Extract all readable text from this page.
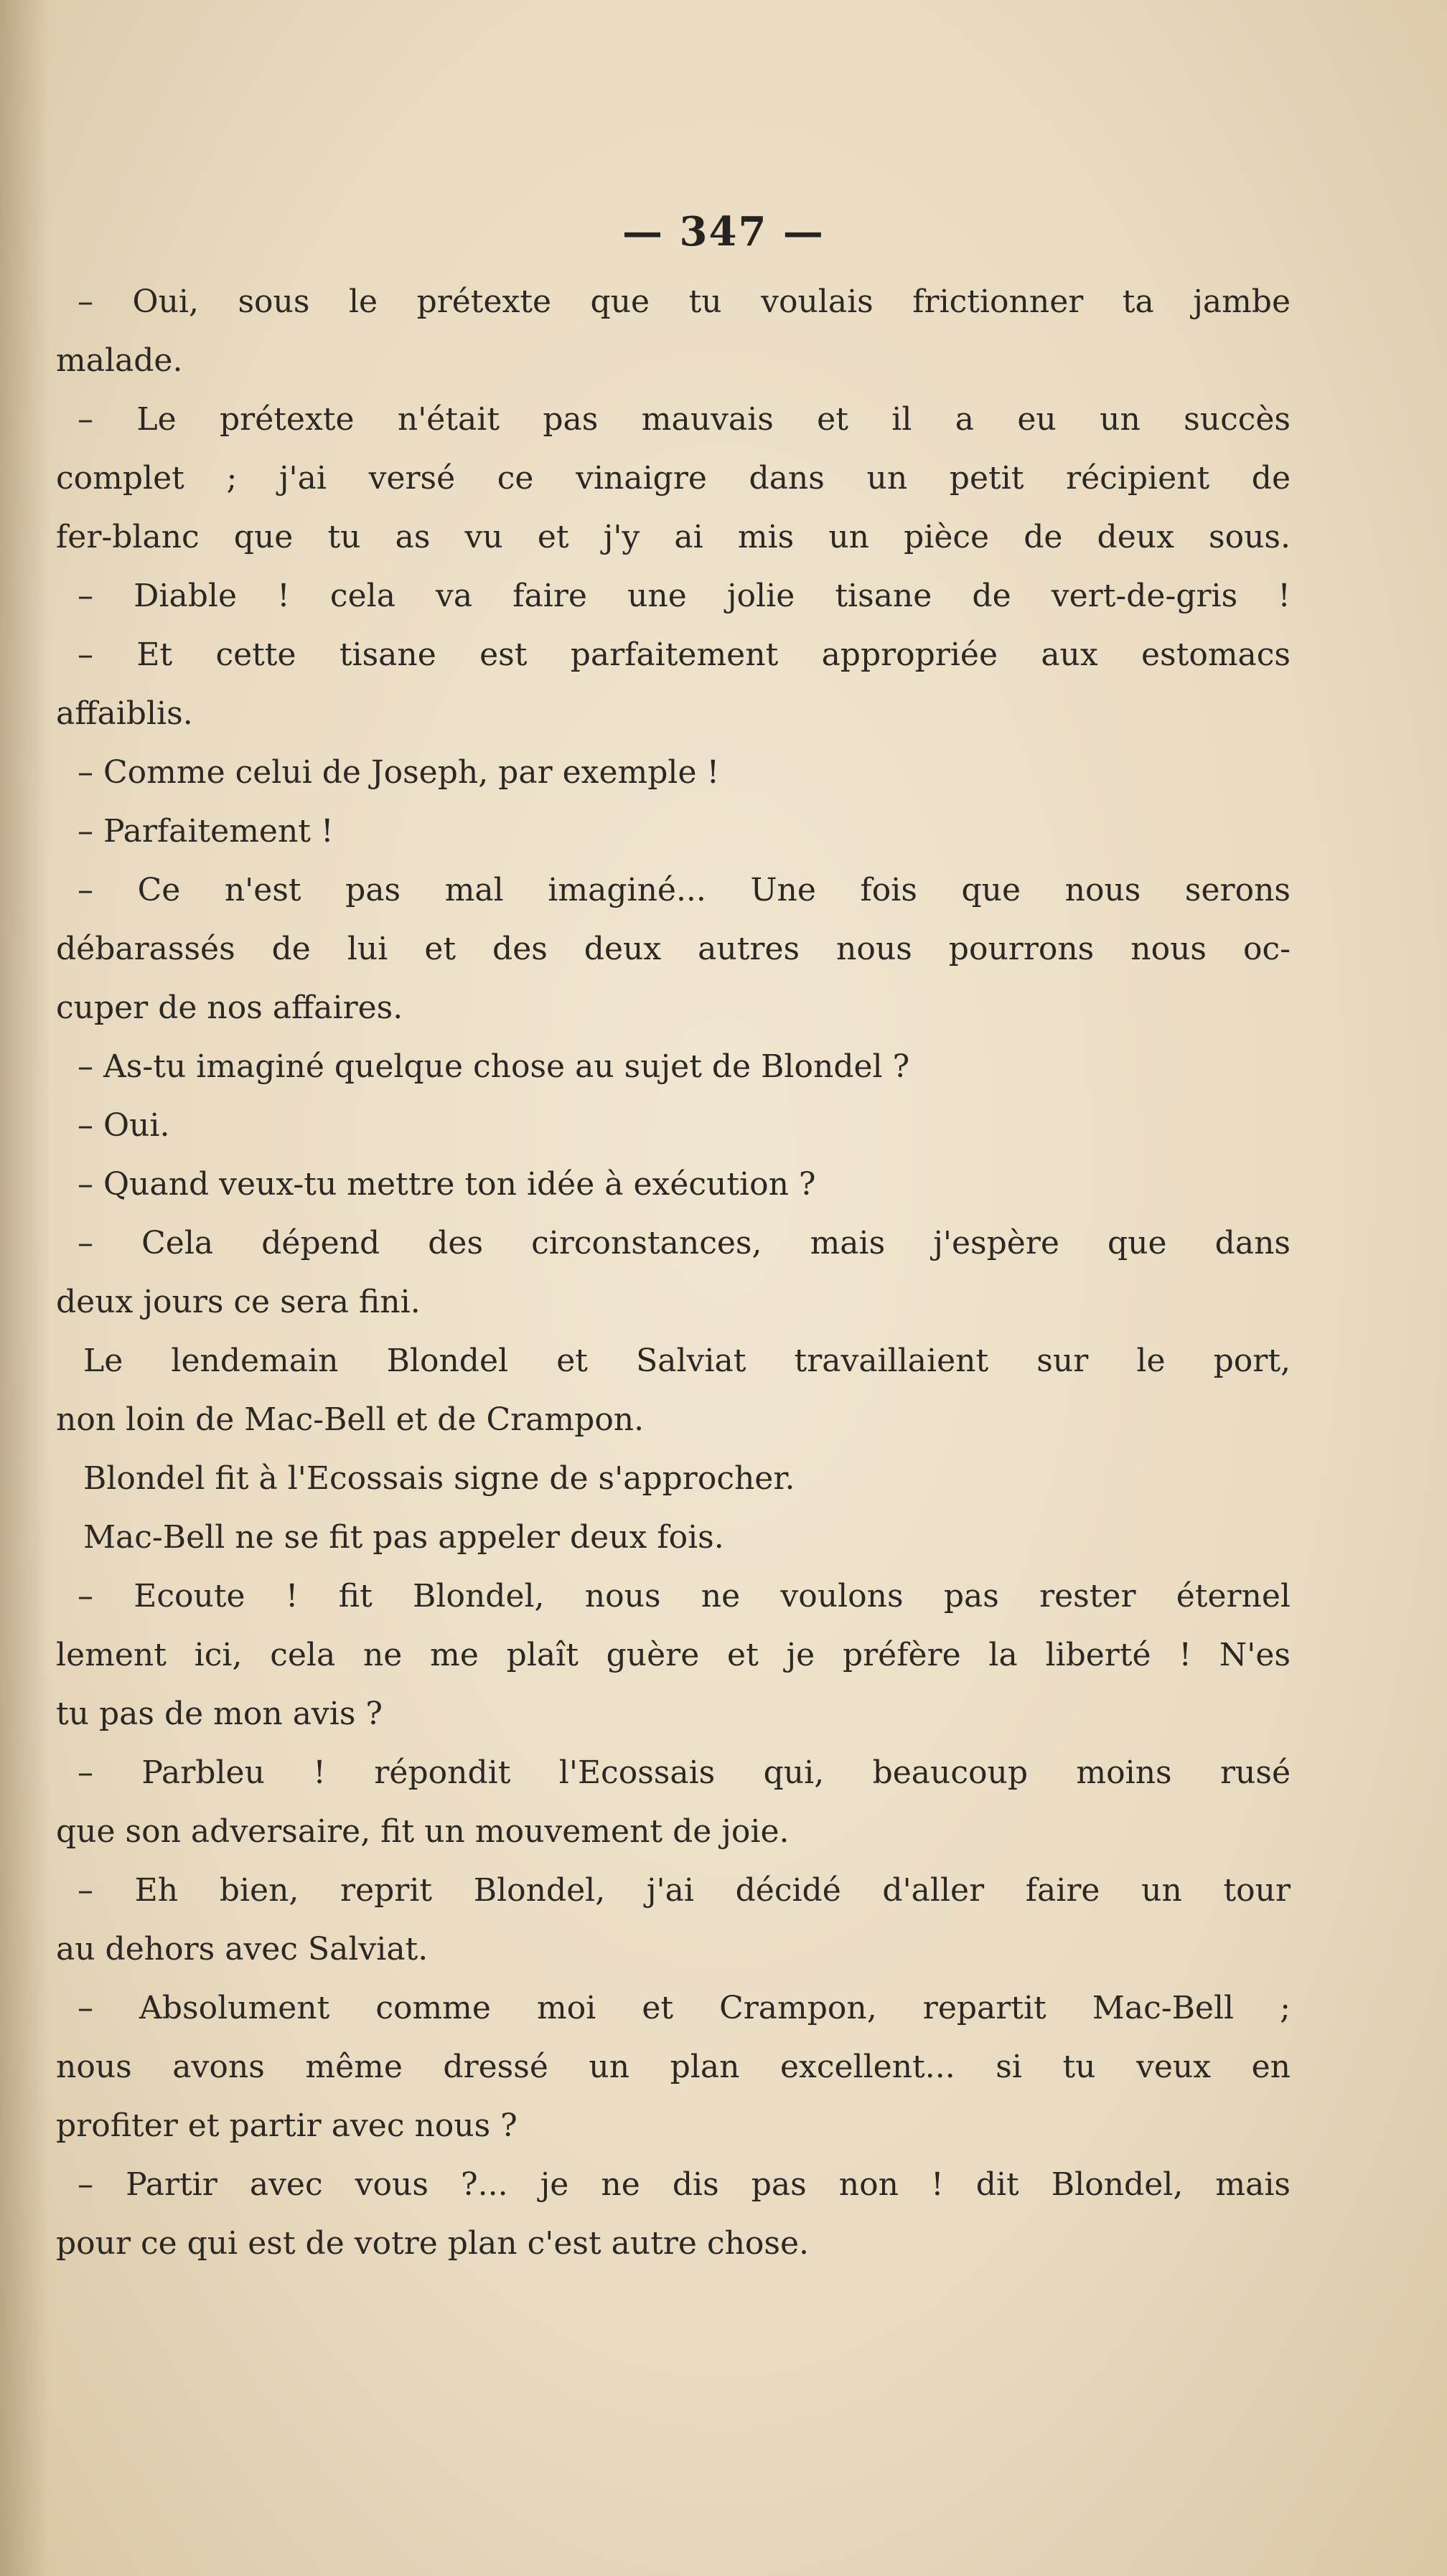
— 347 —
– Oui, sous le prétexte que tu voulais frictionner ta jambe
malade.
– Le prétexte n'était pas mauvais et il a eu un succès
complet ; j'ai versé ce vinaigre dans un petit récipient de
fer-blanc que tu as vu et j'y ai mis un pièce de deux sous.
– Diable ! cela va faire une jolie tisane de vert-de-gris !
– Et cette tisane est parfaitement appropriée aux estomacs
affaiblis.
– Comme celui de Joseph, par exemple !
– Parfaitement !
– Ce n'est pas mal imaginé... Une fois que nous serons
débarassés de lui et des deux autres nous pourrons nous oc-
cuper de nos affaires.
– As-tu imaginé quelque chose au sujet de Blondel ?
– Oui.
– Quand veux-tu mettre ton idée à exécution ?
– Cela dépend des circonstances, mais j'espère que dans
deux jours ce sera fini.
Le lendemain Blondel et Salviat travaillaient sur le port,
non loin de Mac-Bell et de Crampon.
Blondel fit à l'Ecossais signe de s'approcher.
Mac-Bell ne se fit pas appeler deux fois.
– Ecoute ! fit Blondel, nous ne voulons pas rester éternel
lement ici, cela ne me plaît guère et je préfère la liberté ! N'es
tu pas de mon avis ?
– Parbleu ! répondit l'Ecossais qui, beaucoup moins rusé
que son adversaire, fit un mouvement de joie.
– Eh bien, reprit Blondel, j'ai décidé d'aller faire un tour
au dehors avec Salviat.
– Absolument comme moi et Crampon, repartit Mac-Bell ;
nous avons même dressé un plan excellent... si tu veux en
profiter et partir avec nous ?
– Partir avec vous ?... je ne dis pas non ! dit Blondel, mais
pour ce qui est de votre plan c'est autre chose.
